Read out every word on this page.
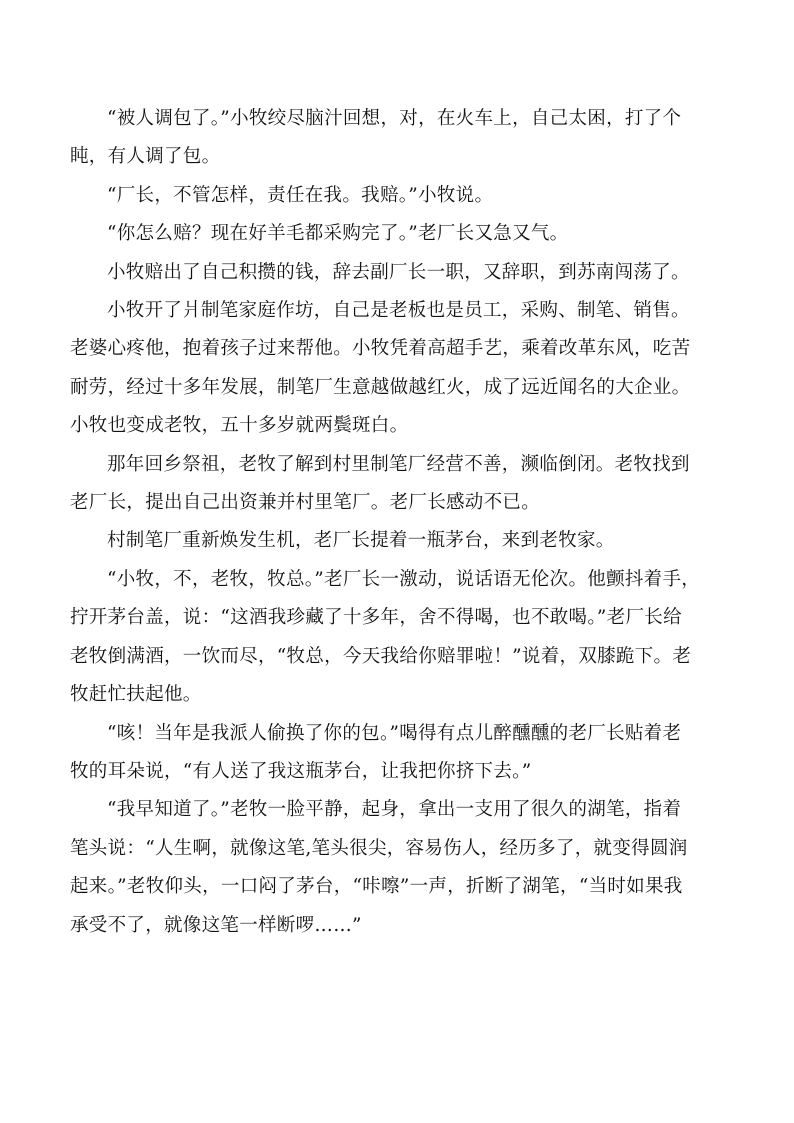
“被人调包了。”小牧绞尽脑汁回想，对，在火车上，自己太困，打了个
盹，有人调了包。

“厂长，不管怎样，责任在我。我赔。”小牧说。

“你怎么赔？现在好羊毛都采购完了。”老厂长又急又气。

小牧赔出了自己积攒的钱，辞去副厂长一职，又辞职，到苏南闯荡了。

小牧开了爿制笔家庭作坊，自己是老板也是员工，采购、制笔、销售。
老婆心疼他，抱着孩子过来帮他。小牧凭着高超手艺，乘着改革东风，吃苦
耐劳，经过十多年发展，制笔厂生意越做越红火，成了远近闻名的大企业。
小牧也变成老牧，五十多岁就两鬓斑白。

那年回乡祭祖，老牧了解到村里制笔厂经营不善，濒临倒闭。老牧找到
老厂长，提出自己出资兼并村里笔厂。老厂长感动不已。

村制笔厂重新焕发生机，老厂长提着一瓶茅台，来到老牧家。

“小牧，不，老牧，牧总。”老厂长一激动，说话语无伦次。他颤抖着手，
拧开茅台盖，说：“这酒我珍藏了十多年，舍不得喝，也不敢喝。”老厂长给
老牧倒满酒，一饮而尽，“牧总，今天我给你赔罪啦！”说着，双膝跪下。老
牧赶忙扶起他。

“咳！当年是我派人偷换了你的包。”喝得有点儿醉醺醺的老厂长贴着老
牧的耳朵说，“有人送了我这瓶茅台，让我把你挤下去。”

“我早知道了。”老牧一脸平静，起身，拿出一支用了很久的湖笔，指着
笔头说：“人生啊，就像这笔,笔头很尖，容易伤人，经历多了，就变得圆润
起来。”老牧仰头，一口闷了茅台，“咔嚓”一声，折断了湖笔，“当时如果我
承受不了，就像这笔一样断啰……”
